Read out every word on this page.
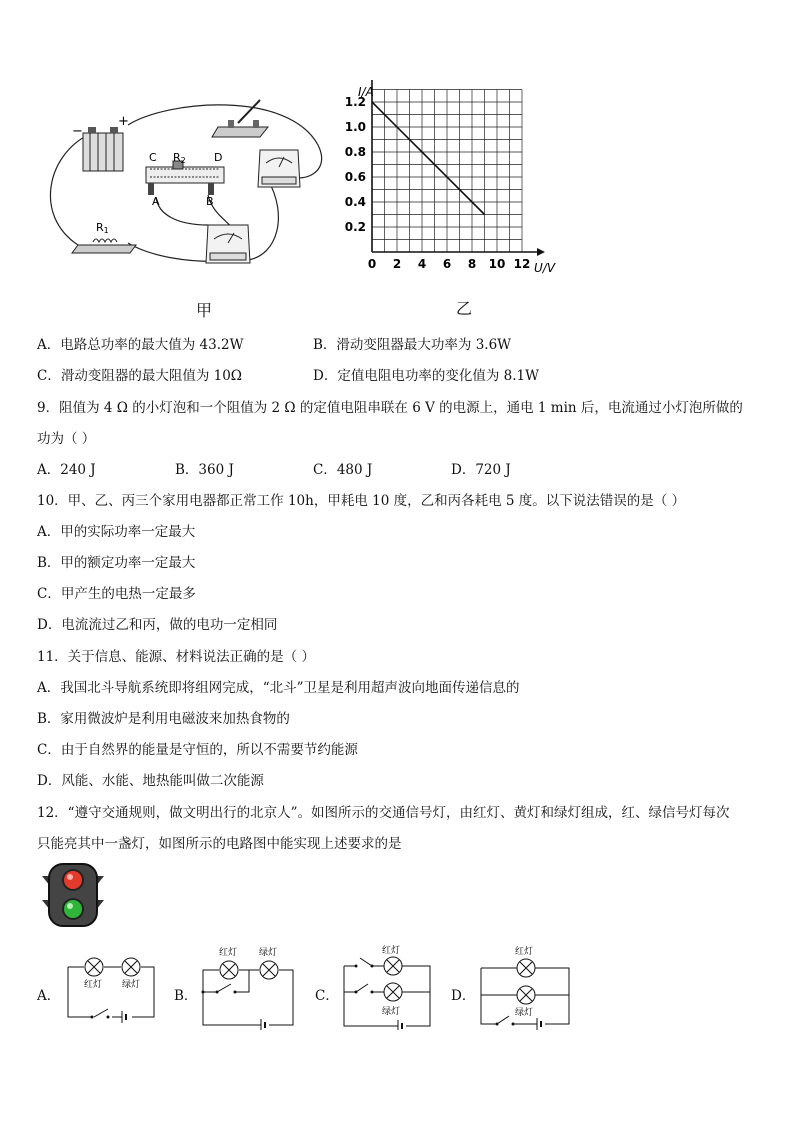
−
+
C R2	D
A	B
R1
甲
0 2 4 6 8 10 12
0.2
0.4
0.6
0.8
1.0
1.2
I/A
U/V
乙
A．电路总功率的最大值为 43.2W	B．滑动变阻器最大功率为 3.6W
C．滑动变阻器的最大阻值为 10Ω	D．定值电阻电功率的变化值为 8.1W
9．阻值为 4 Ω 的小灯泡和一个阻值为 2 Ω 的定值电阻串联在 6 V 的电源上，通电 1 min 后，电流通过小灯泡所做的
功为（ ）
A．240 J	B．360 J	C．480 J	D．720 J
10．甲、乙、丙三个家用电器都正常工作 10h，甲耗电 10 度，乙和丙各耗电 5 度。以下说法错误的是（ ）
A．甲的实际功率一定最大
B．甲的额定功率一定最大
C．甲产生的电热一定最多
D．电流流过乙和丙，做的电功一定相同
11．关于信息、能源、材料说法正确的是（ ）
A．我国北斗导航系统即将组网完成，“北斗”卫星是利用超声波向地面传递信息的
B．家用微波炉是利用电磁波来加热食物的
C．由于自然界的能量是守恒的，所以不需要节约能源
D．风能、水能、地热能叫做二次能源
12．“遵守交通规则，做文明出行的北京人”。如图所示的交通信号灯，由红灯、黄灯和绿灯组成，红、绿信号灯每次
只能亮其中一盏灯，如图所示的电路图中能实现上述要求的是
A．	B．	C．	D．
红灯 绿灯
红灯 绿灯	红灯
绿灯
红灯
绿灯
